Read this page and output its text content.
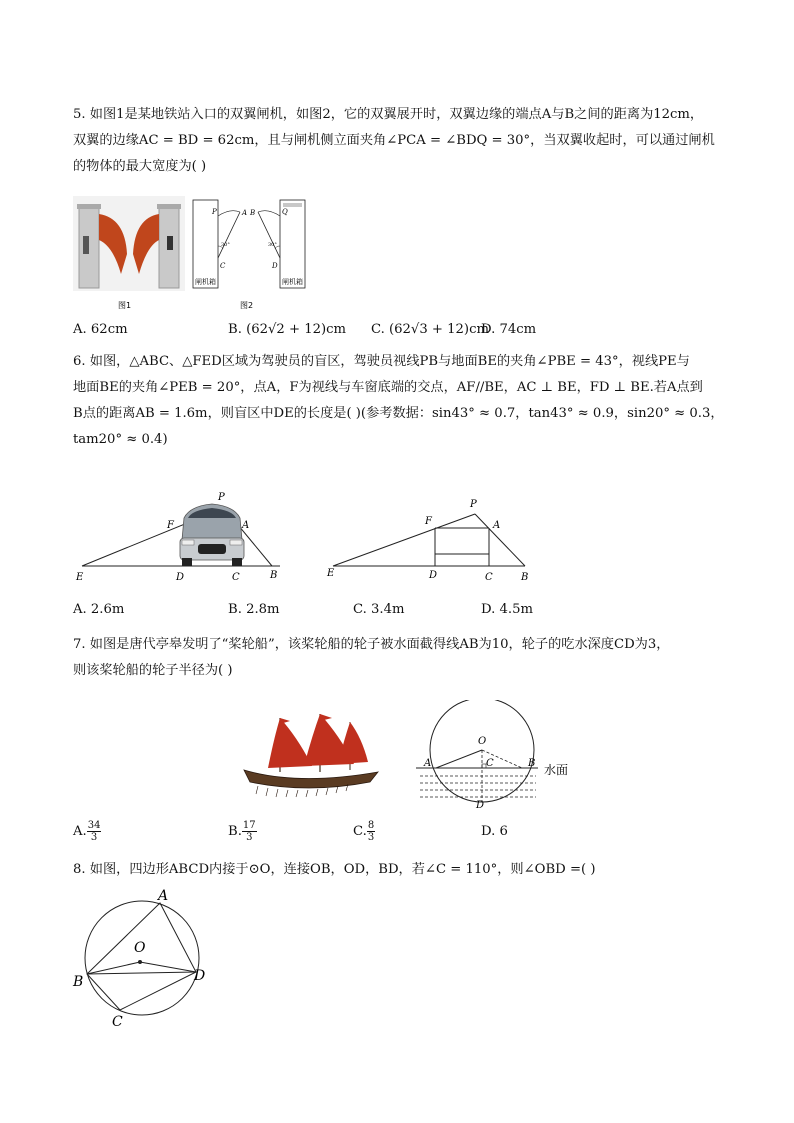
5. 如图1是某地铁站入口的双翼闸机，如图2，它的双翼展开时，双翼边缘的端点A与B之间的距离为12cm，
双翼的边缘AC = BD = 62cm，且与闸机侧立面夹角∠PCA = ∠BDQ = 30°，当双翼收起时，可以通过闸机
的物体的最大宽度为( )
图1
P	A B	Q
C	D
30°	30°
闸机箱	闸机箱
图2
A. 62cm	B. (62√2 + 12)cm C. (62√3 + 12)cm
D. 74cm
6. 如图，△ABC、△FED区域为驾驶员的盲区，驾驶员视线PB与地面BE的夹角∠PBE = 43°，视线PE与
地面BE的夹角∠PEB = 20°，点A，F为视线与车窗底端的交点，AF//BE，AC ⊥ BE，FD ⊥ BE.若A点到
B点的距离AB = 1.6m，则盲区中DE的长度是( )(参考数据：sin43° ≈ 0.7，tan43° ≈ 0.9，sin20° ≈ 0.3，
tam20° ≈ 0.4)
P
F	A
E	D	C	B
P
F	A
E	D	C	B
A. 2.6m	B. 2.8m	C. 3.4m	D. 4.5m
7. 如图是唐代亭皋发明了“桨轮船”，该桨轮船的轮子被水面截得线AB为10，轮子的吃水深度CD为3，
则该桨轮船的轮子半径为( )
O
A	B
C
D
水面
A. $\frac{34}{3}$	B. $\frac{17}{3}$	C. $\frac{8}{3}$	D. 6
8. 如图，四边形ABCD内接于⊙O，连接OB，OD，BD，若∠C = 110°，则∠OBD =( )
A
O
B
C
D
